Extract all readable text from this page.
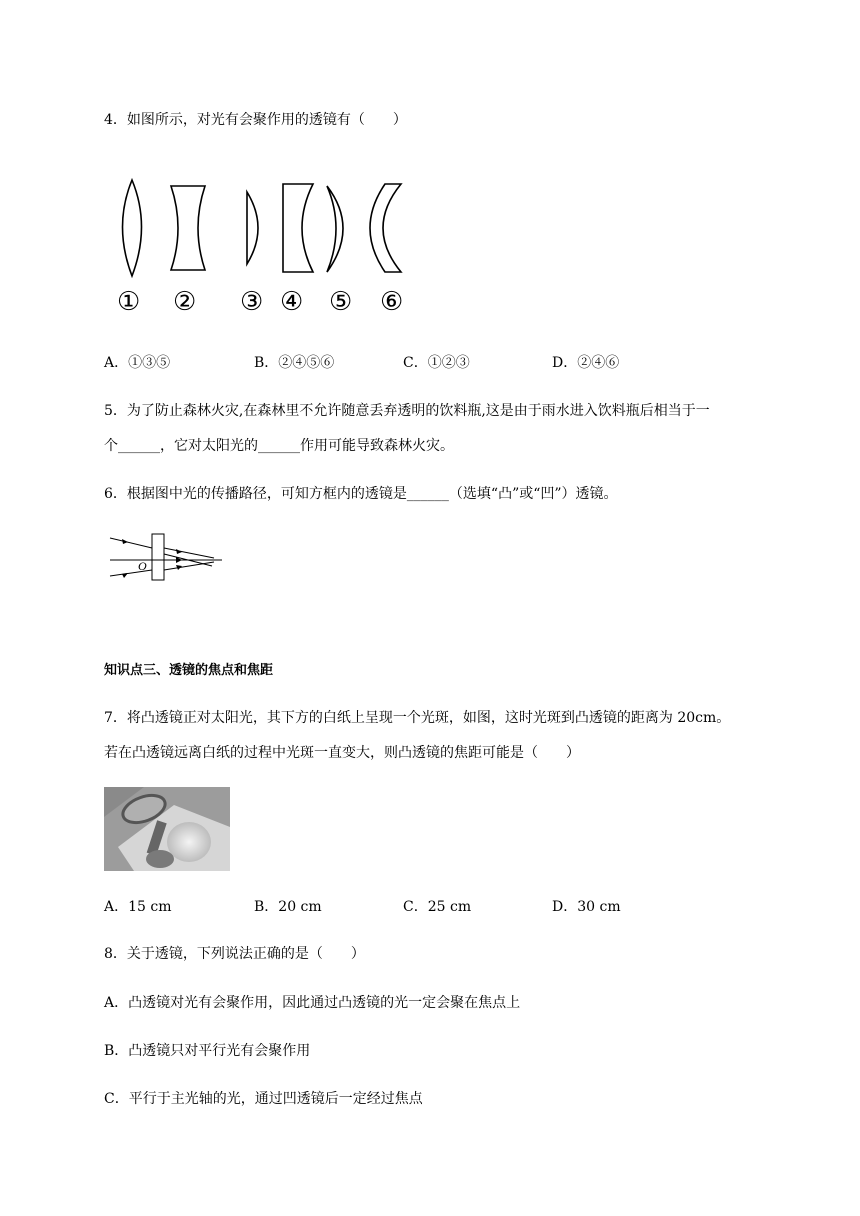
4．如图所示，对光有会聚作用的透镜有（　　）
① ② ③ ④ ⑤ ⑥
A．①③⑤	B．②④⑤⑥	C．①②③	D．②④⑥
5．为了防止森林火灾,在森林里不允许随意丢弃透明的饮料瓶,这是由于雨水进入饮料瓶后相当于一
个______，它对太阳光的______作用可能导致森林火灾。
6．根据图中光的传播路径，可知方框内的透镜是______（选填“凸”或“凹”）透镜。
O
知识点三、透镜的焦点和焦距
7．将凸透镜正对太阳光，其下方的白纸上呈现一个光斑，如图，这时光斑到凸透镜的距离为 20cm。
若在凸透镜远离白纸的过程中光斑一直变大，则凸透镜的焦距可能是（　　）
A．15 cm	B．20 cm	C．25 cm	D．30 cm
8．关于透镜，下列说法正确的是（　　）
A．凸透镜对光有会聚作用，因此通过凸透镜的光一定会聚在焦点上
B．凸透镜只对平行光有会聚作用
C．平行于主光轴的光，通过凹透镜后一定经过焦点
